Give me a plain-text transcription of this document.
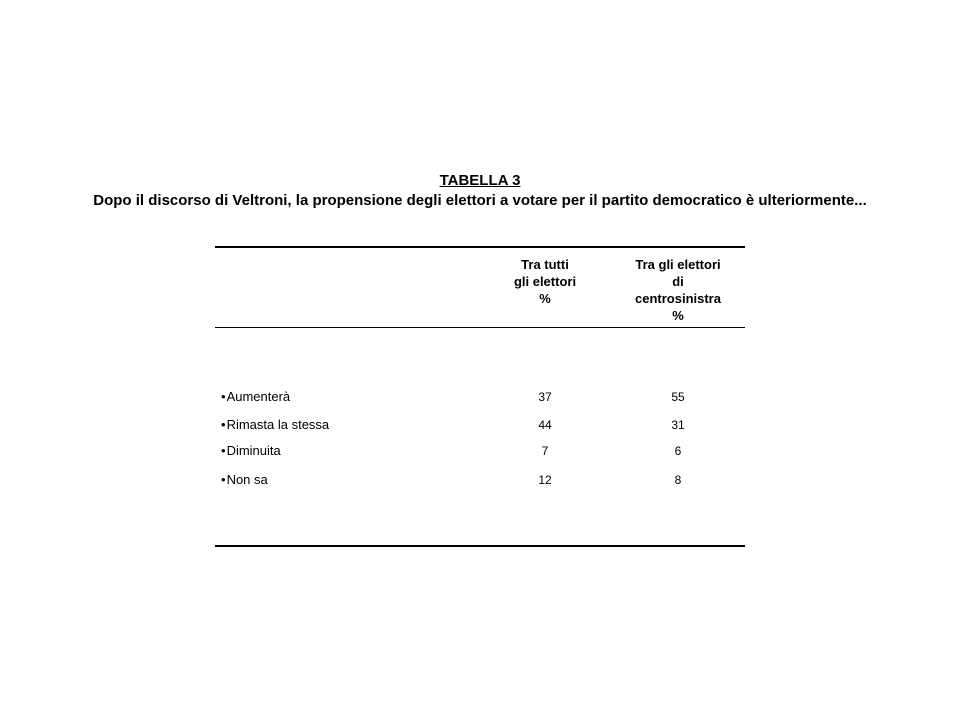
TABELLA 3
Dopo il discorso di Veltroni, la propensione degli elettori a votare per il partito democratico è ulteriormente...
Tra tutti
gli elettori
%
Tra gli elettori
di
centrosinistra
%
•Aumenterà	37	55
•Rimasta la stessa	44	31
•Diminuita	7	6
•Non sa	12	8
